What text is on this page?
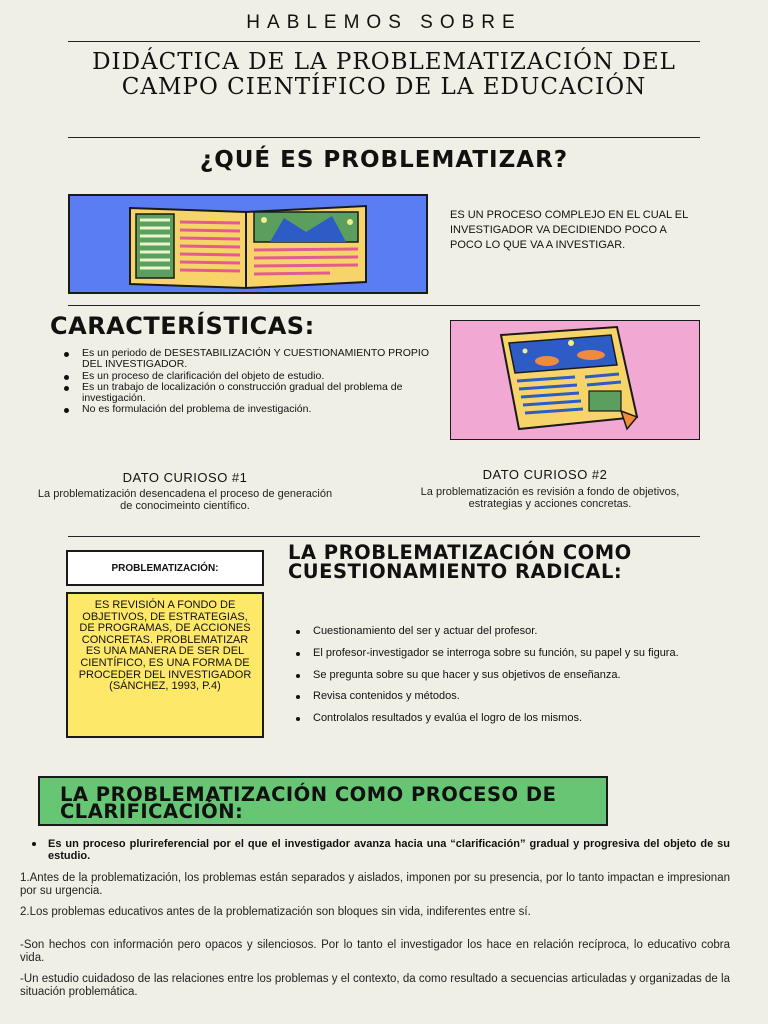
HABLEMOS SOBRE
DIDÁCTICA DE LA PROBLEMATIZACIÓN DEL CAMPO CIENTÍFICO DE LA EDUCACIÓN
¿QUÉ ES PROBLEMATIZAR?
ES UN PROCESO COMPLEJO EN EL CUAL EL INVESTIGADOR VA DECIDIENDO POCO A POCO LO QUE VA A INVESTIGAR.
CARACTERÍSTICAS:
Es un periodo de DESESTABILIZACIÓN Y CUESTIONAMIENTO PROPIO DEL INVESTIGADOR.
Es un proceso de clarificación del objeto de estudio.
Es un trabajo de localización o construcción gradual del problema de investigación.
No es formulación del problema de investigación.
DATO CURIOSO #1
La problematización desencadena el proceso de generación de conocimeinto científico.
DATO CURIOSO #2
La problematización es revisión a fondo de objetivos, estrategias y acciones concretas.
PROBLEMATIZACIÓN:
ES REVISIÓN A FONDO DE OBJETIVOS, DE ESTRATEGIAS, DE PROGRAMAS, DE ACCIONES CONCRETAS. PROBLEMATIZAR ES UNA MANERA DE SER DEL CIENTÍFICO, ES UNA FORMA DE PROCEDER DEL INVESTIGADOR (SÁNCHEZ, 1993, P.4)
LA PROBLEMATIZACIÓN COMO CUESTIONAMIENTO RADICAL:
Cuestionamiento del ser y actuar del profesor.
El profesor-investigador se interroga sobre su función, su papel y su figura.
Se pregunta sobre su que hacer y sus objetivos de enseñanza.
Revisa contenidos y métodos.
Controlalos resultados y evalúa el logro de los mismos.
LA PROBLEMATIZACIÓN COMO PROCESO DE CLARIFICACIÓN:
Es un proceso plurireferencial por el que el investigador avanza hacia una “clarificación” gradual y progresiva del objeto de su estudio.
1.Antes de la problematización, los problemas están separados y aislados, imponen por su presencia, por lo tanto impactan e impresionan por su urgencia.
2.Los problemas educativos antes de la problematización son bloques sin vida, indiferentes entre sí.
-Son hechos con información pero opacos y silenciosos. Por lo tanto el investigador los hace en relación recíproca, lo educativo cobra vida.
-Un estudio cuidadoso de las relaciones entre los problemas y el contexto, da como resultado a secuencias articuladas y organizadas de la situación problemática.
